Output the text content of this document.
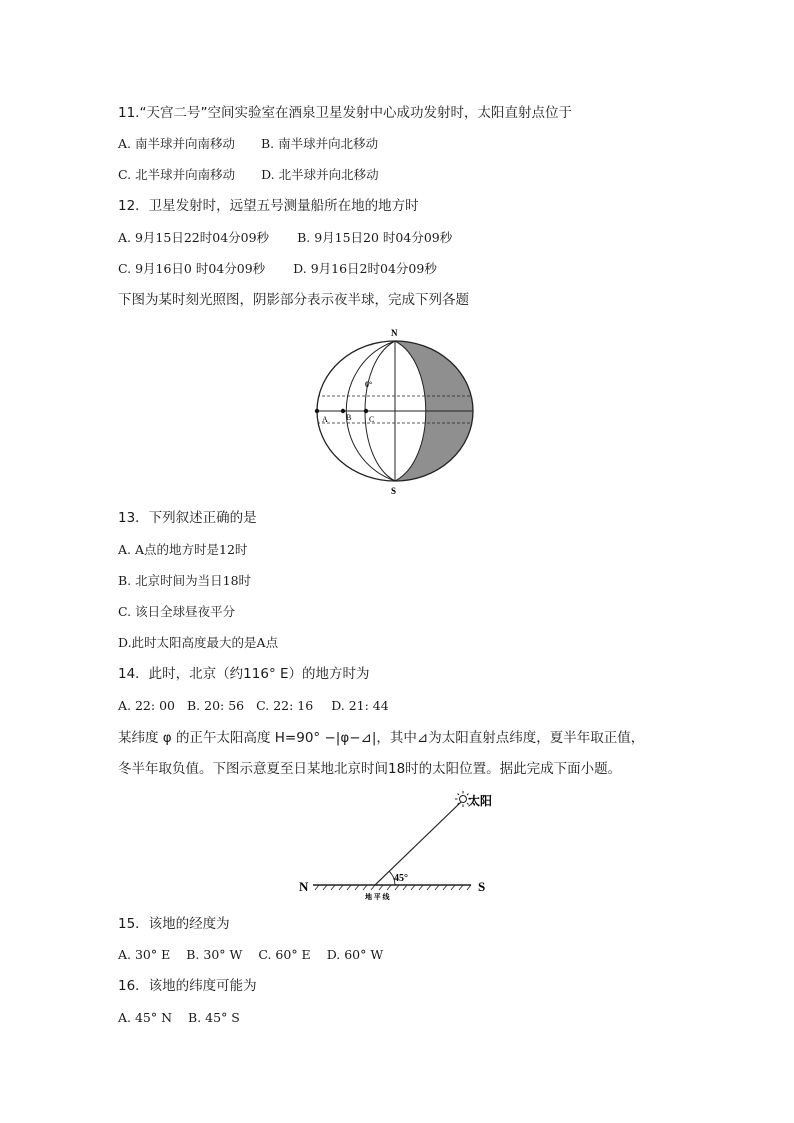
11.“天宫二号”空间实验室在酒泉卫星发射中心成功发射时，太阳直射点位于
A. 南半球并向南移动 B. 南半球并向北移动
C. 北半球并向南移动 D. 北半球并向北移动
12．卫星发射时，远望五号测量船所在地的地方时
A. 9月15日22时04分09秒 B. 9月15日20 时04分09秒
C. 9月16日0 时04分09秒 D. 9月16日2时04分09秒
下图为某时刻光照图，阴影部分表示夜半球，完成下列各题
N
S
0°
A B C
13．下列叙述正确的是
A. A点的地方时是12时
B. 北京时间为当日18时
C. 该日全球昼夜平分
D.此时太阳高度最大的是A点
14．此时，北京（约116° E）的地方时为
A. 22: 00 B. 20: 56 C. 22: 16 D. 21: 44
某纬度 φ 的正午太阳高度 H=90° −|φ−⊿|，其中⊿为太阳直射点纬度，夏半年取正值，
冬半年取负值。下图示意夏至日某地北京时间18时的太阳位置。据此完成下面小题。
太阳
N	S
45°
地 平 线
15．该地的经度为
A. 30° E B. 30° W C. 60° E D. 60° W
16．该地的纬度可能为
A. 45° N B. 45° S
